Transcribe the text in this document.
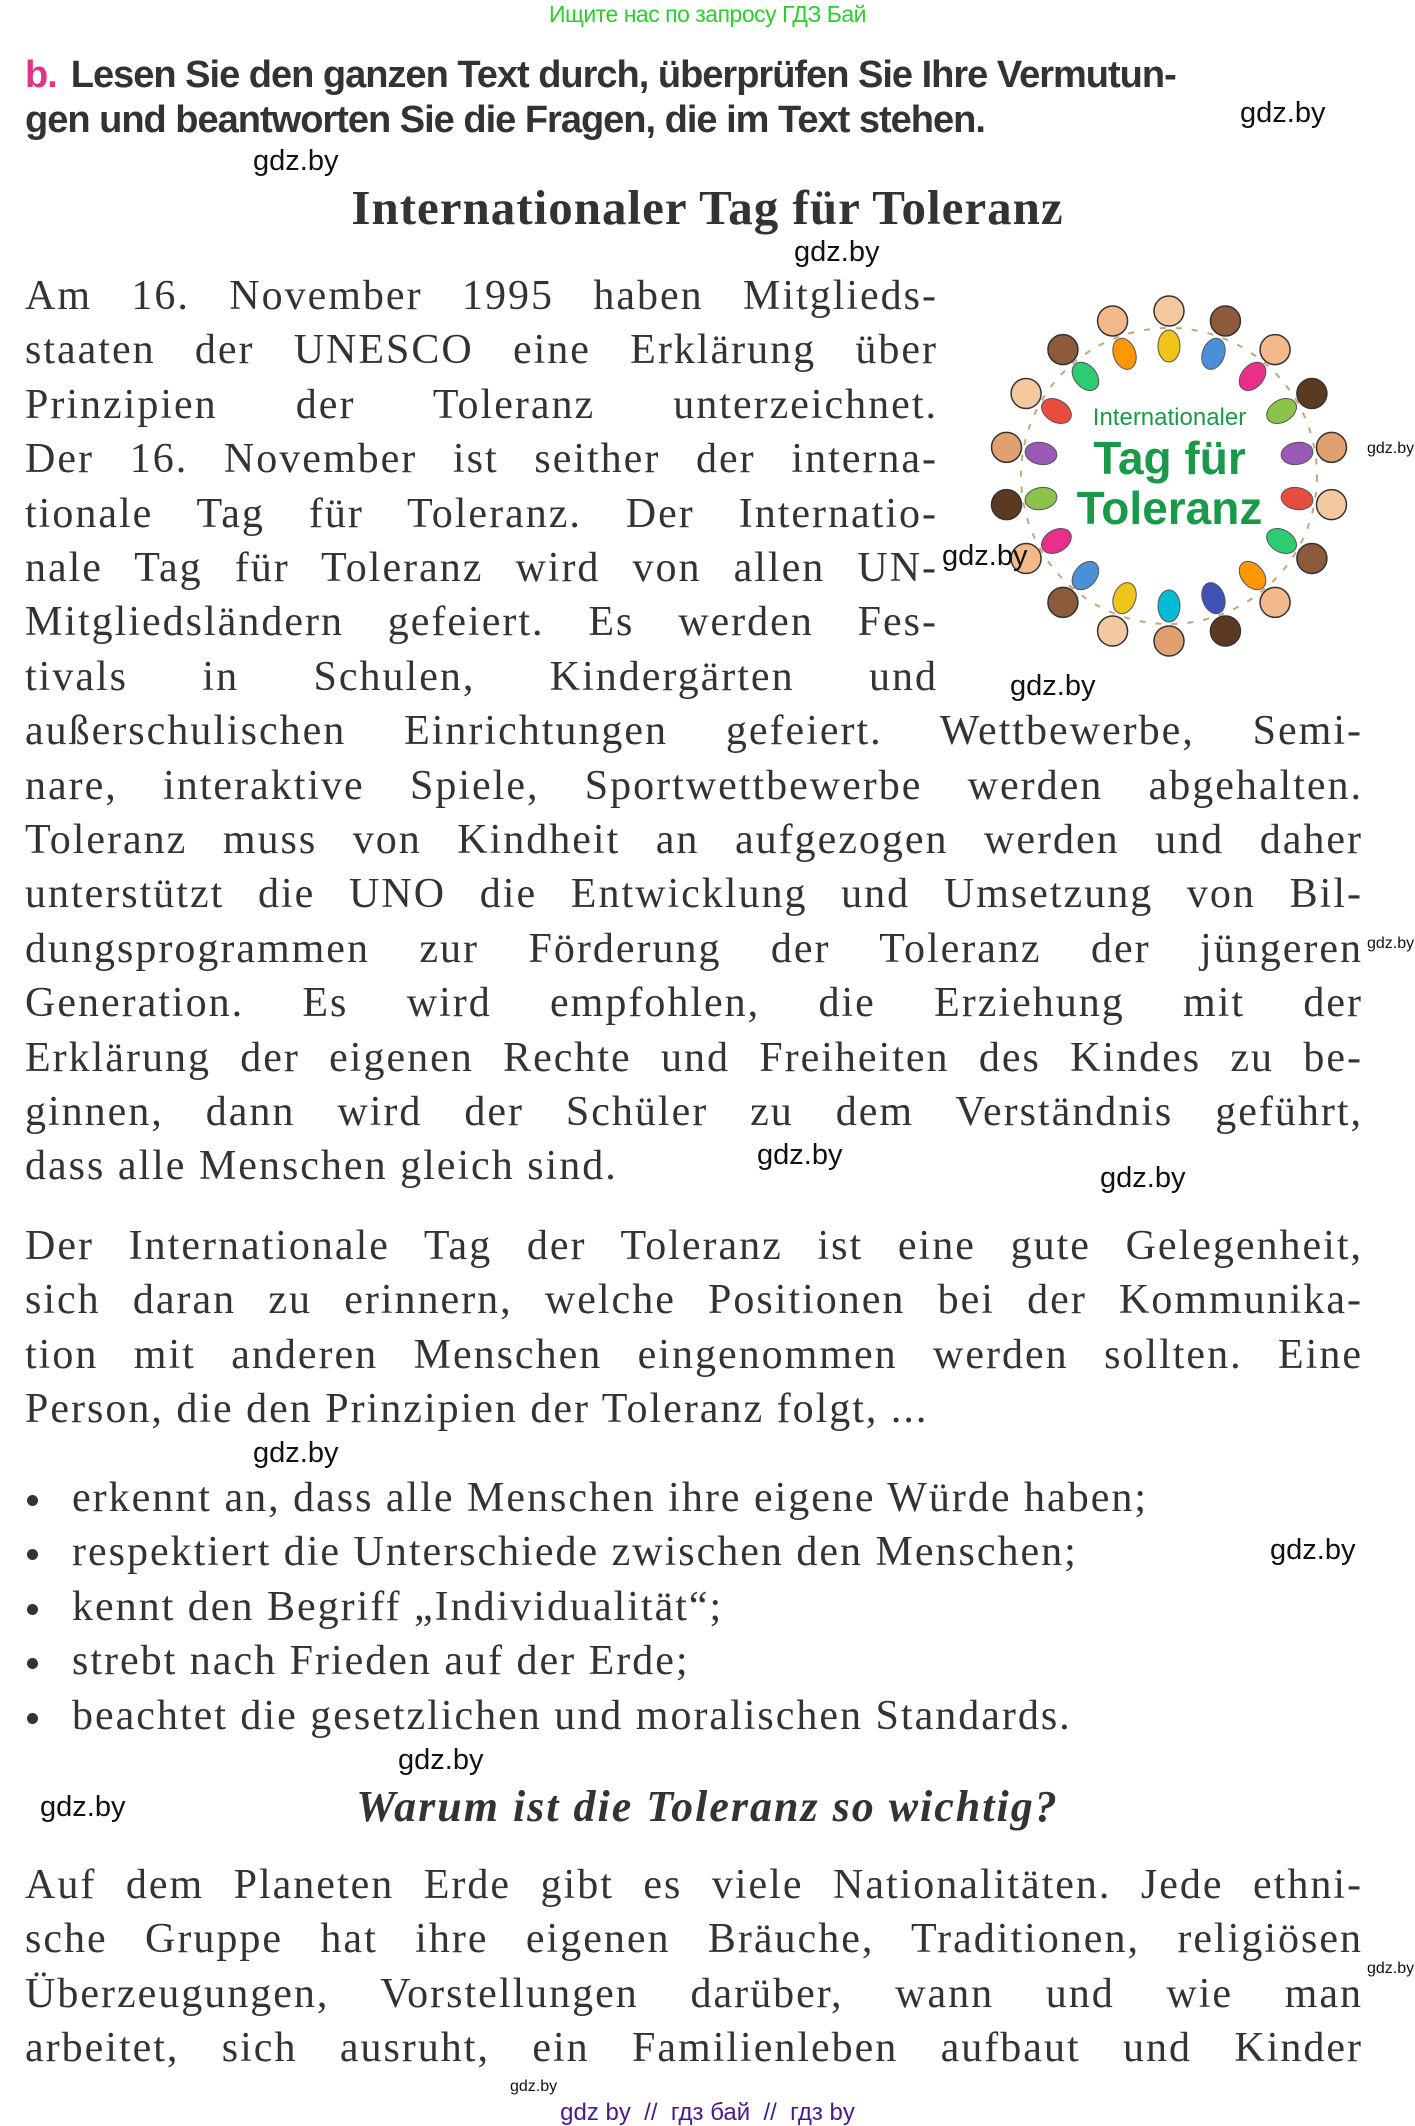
Ищите нас по запросу ГДЗ Бай
b. Lesen Sie den ganzen Text durch, überprüfen Sie Ihre Vermutun-
gen und beantworten Sie die Fragen, die im Text stehen.
Internationaler Tag für Toleranz
Internationaler
Tag für
Toleranz
Am 16. November 1995 haben Mitglieds-
staaten der UNESCO eine Erklärung über
Prinzipien der Toleranz unterzeichnet.
Der 16. November ist seither der interna-
tionale Tag für Toleranz. Der Internatio-
nale Tag für Toleranz wird von allen UN-
Mitgliedsländern gefeiert. Es werden Fes-
tivals in Schulen, Kindergärten und
außerschulischen Einrichtungen gefeiert. Wettbewerbe, Semi-
nare, interaktive Spiele, Sportwettbewerbe werden abgehalten.
Toleranz muss von Kindheit an aufgezogen werden und daher
unterstützt die UNO die Entwicklung und Umsetzung von Bil-
dungsprogrammen zur Förderung der Toleranz der jüngeren
Generation. Es wird empfohlen, die Erziehung mit der
Erklärung der eigenen Rechte und Freiheiten des Kindes zu be-
ginnen, dann wird der Schüler zu dem Verständnis geführt,
dass alle Menschen gleich sind.
Der Internationale Tag der Toleranz ist eine gute Gelegenheit,
sich daran zu erinnern, welche Positionen bei der Kommunika-
tion mit anderen Menschen eingenommen werden sollten. Eine
Person, die den Prinzipien der Toleranz folgt, ...
Auf dem Planeten Erde gibt es viele Nationalitäten. Jede ethni-
sche Gruppe hat ihre eigenen Bräuche, Traditionen, religiösen
Überzeugungen, Vorstellungen darüber, wann und wie man
arbeitet, sich ausruht, ein Familienleben aufbaut und Kinder
erkennt an, dass alle Menschen ihre eigene Würde haben;
respektiert die Unterschiede zwischen den Menschen;
kennt den Begriff „Individualität“;
strebt nach Frieden auf der Erde;
beachtet die gesetzlichen und moralischen Standards.
Warum ist die Toleranz so wichtig?
gdz.by
gdz.by
gdz.by
gdz.by
gdz.by
gdz.by
gdz.by
gdz.by
gdz.by
gdz.by
gdz.by
gdz.by
gdz.by
gdz.by
gdz.by
gdz by  //  гдз бай  //  гдз by
